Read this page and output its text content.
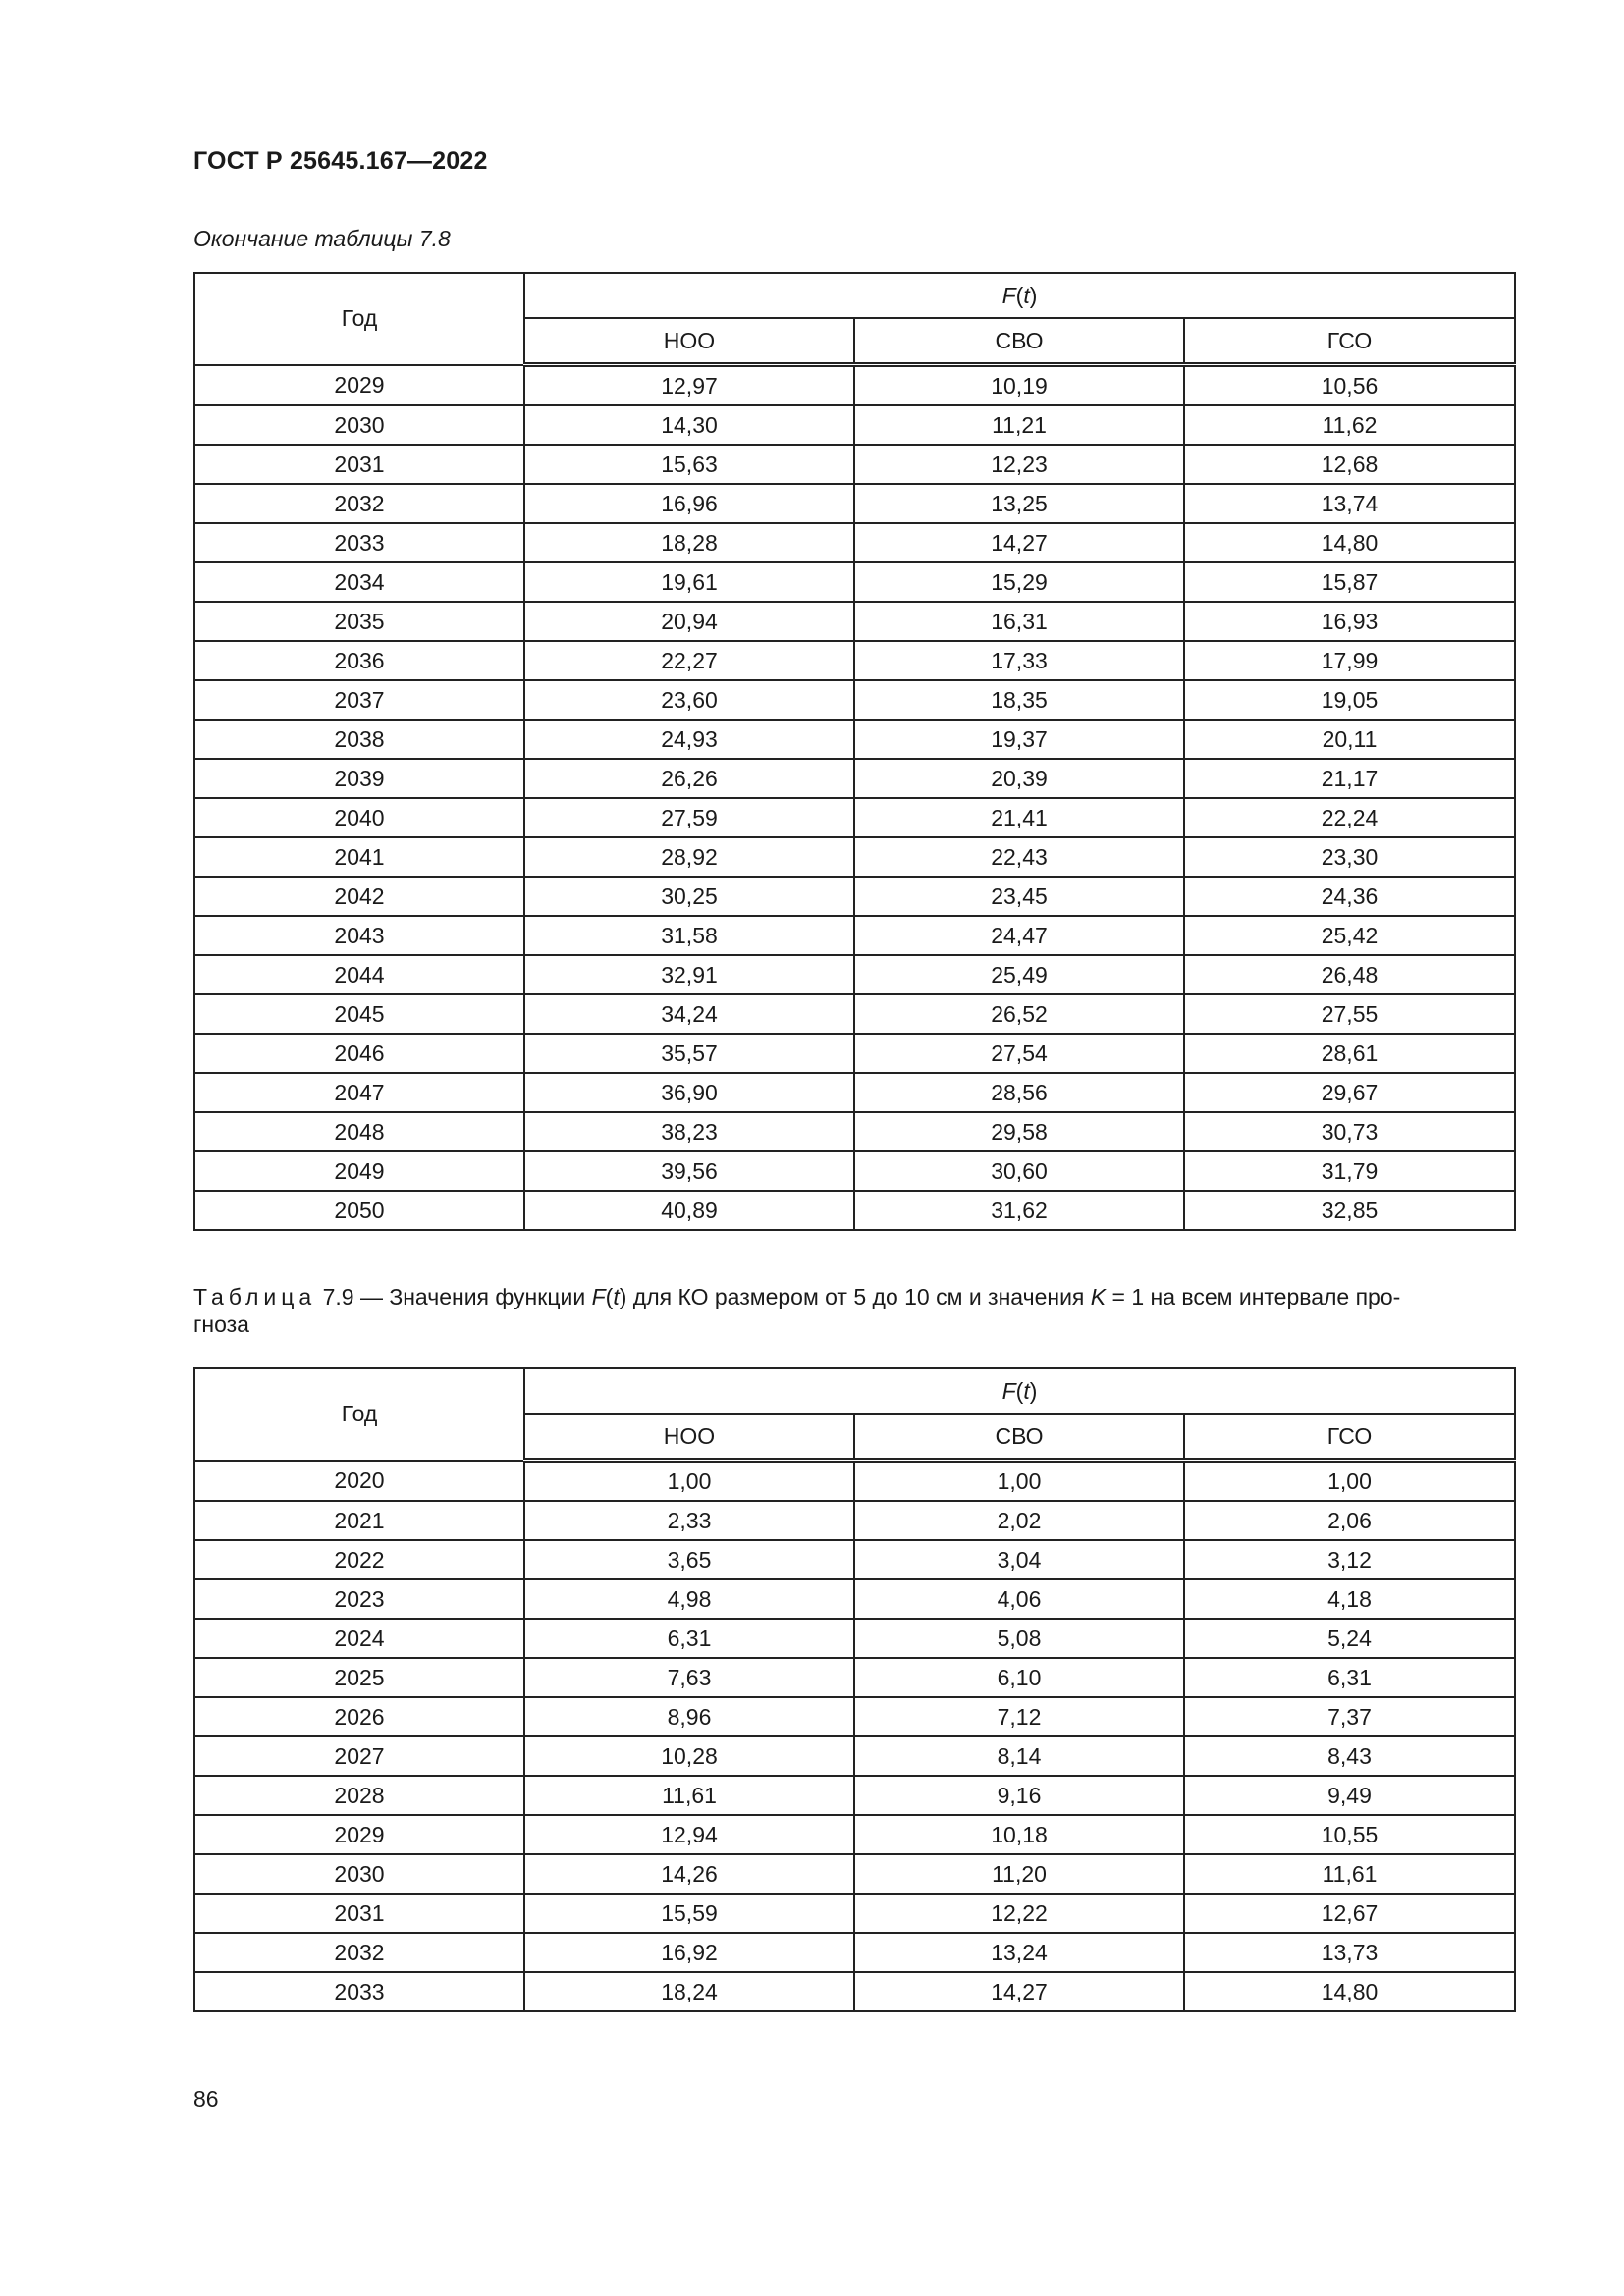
ГОСТ Р 25645.167—2022
Окончание таблицы 7.8
Год	F(t)		
	НОО	СВО	ГСО
2029	12,97	10,19	10,56
2030	14,30	11,21	11,62
2031	15,63	12,23	12,68
2032	16,96	13,25	13,74
2033	18,28	14,27	14,80
2034	19,61	15,29	15,87
2035	20,94	16,31	16,93
2036	22,27	17,33	17,99
2037	23,60	18,35	19,05
2038	24,93	19,37	20,11
2039	26,26	20,39	21,17
2040	27,59	21,41	22,24
2041	28,92	22,43	23,30
2042	30,25	23,45	24,36
2043	31,58	24,47	25,42
2044	32,91	25,49	26,48
2045	34,24	26,52	27,55
2046	35,57	27,54	28,61
2047	36,90	28,56	29,67
2048	38,23	29,58	30,73
2049	39,56	30,60	31,79
2050	40,89	31,62	32,85
Таблица 7.9 — Значения функции F(t) для КО размером от 5 до 10 см и значения K = 1 на всем интервале про-
гноза
Год	F(t)		
	НОО	СВО	ГСО
2020	1,00	1,00	1,00
2021	2,33	2,02	2,06
2022	3,65	3,04	3,12
2023	4,98	4,06	4,18
2024	6,31	5,08	5,24
2025	7,63	6,10	6,31
2026	8,96	7,12	7,37
2027	10,28	8,14	8,43
2028	11,61	9,16	9,49
2029	12,94	10,18	10,55
2030	14,26	11,20	11,61
2031	15,59	12,22	12,67
2032	16,92	13,24	13,73
2033	18,24	14,27	14,80
86
